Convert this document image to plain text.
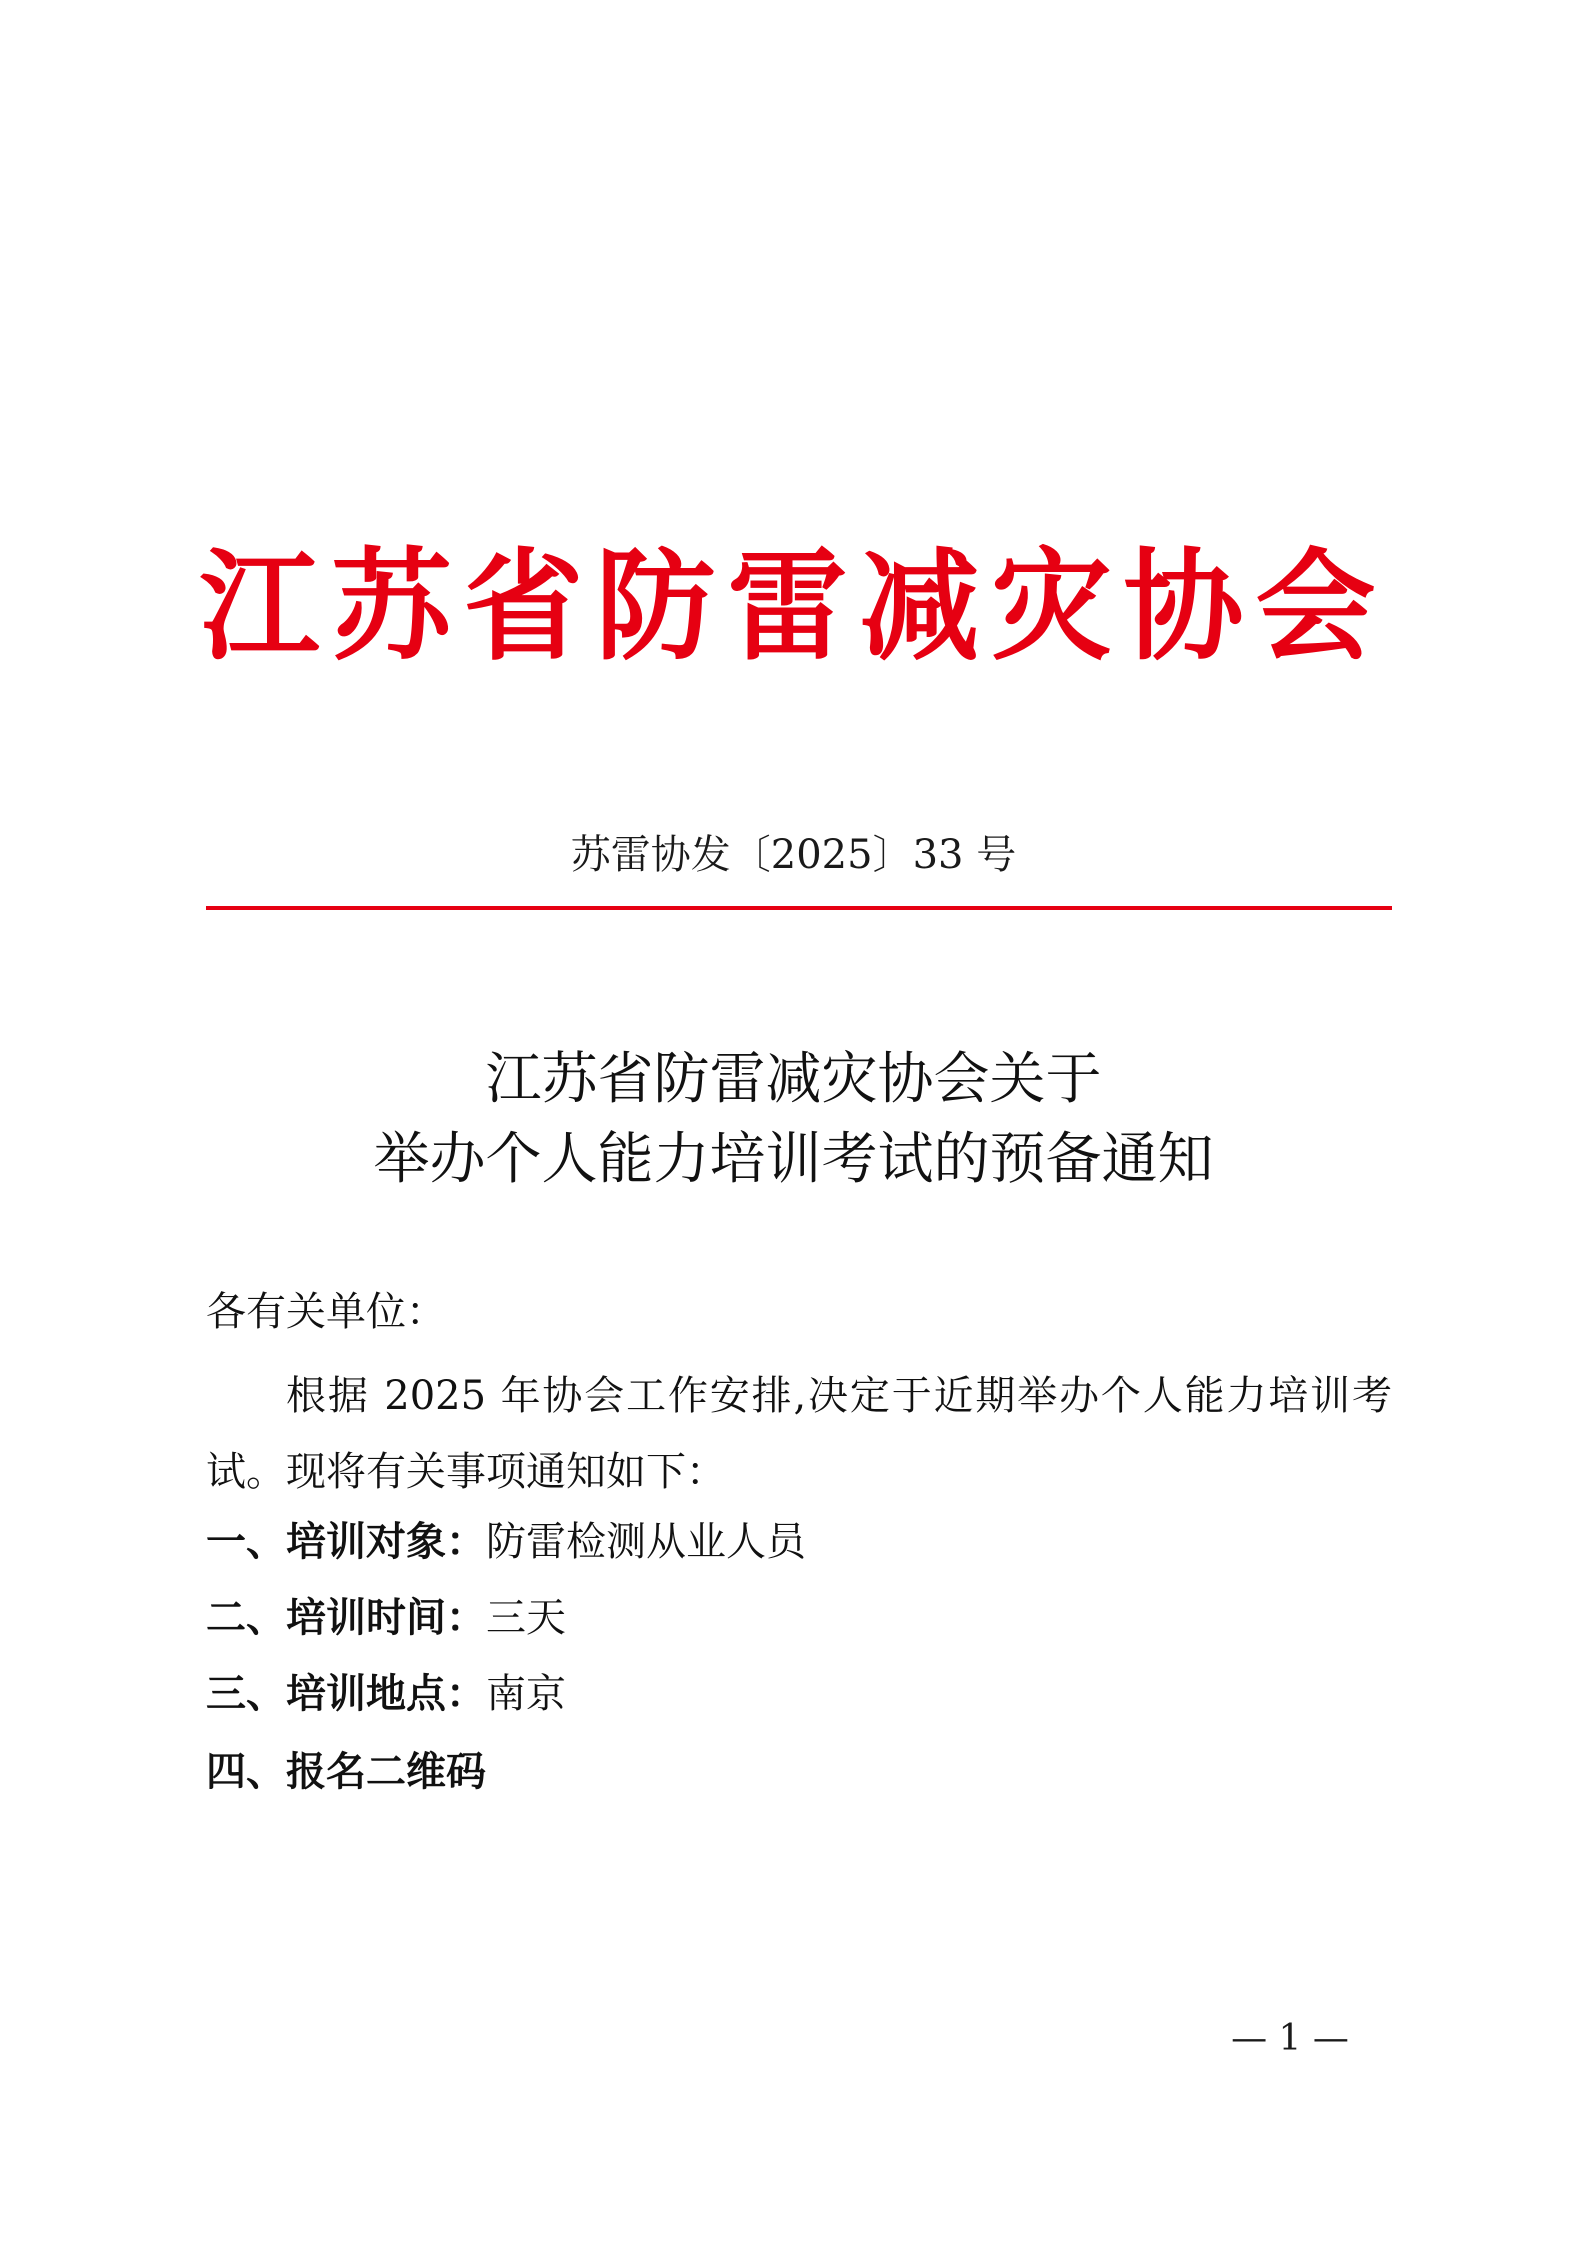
江苏省防雷减灾协会
苏雷协发〔2025〕33 号
江苏省防雷减灾协会关于
举办个人能力培训考试的预备通知
各有关单位：
根据 2025 年协会工作安排,决定于近期举办个人能力培训考试。现将有关事项通知如下：
一、培训对象：防雷检测从业人员
二、培训时间：三天
三、培训地点：南京
四、报名二维码
— 1 —
